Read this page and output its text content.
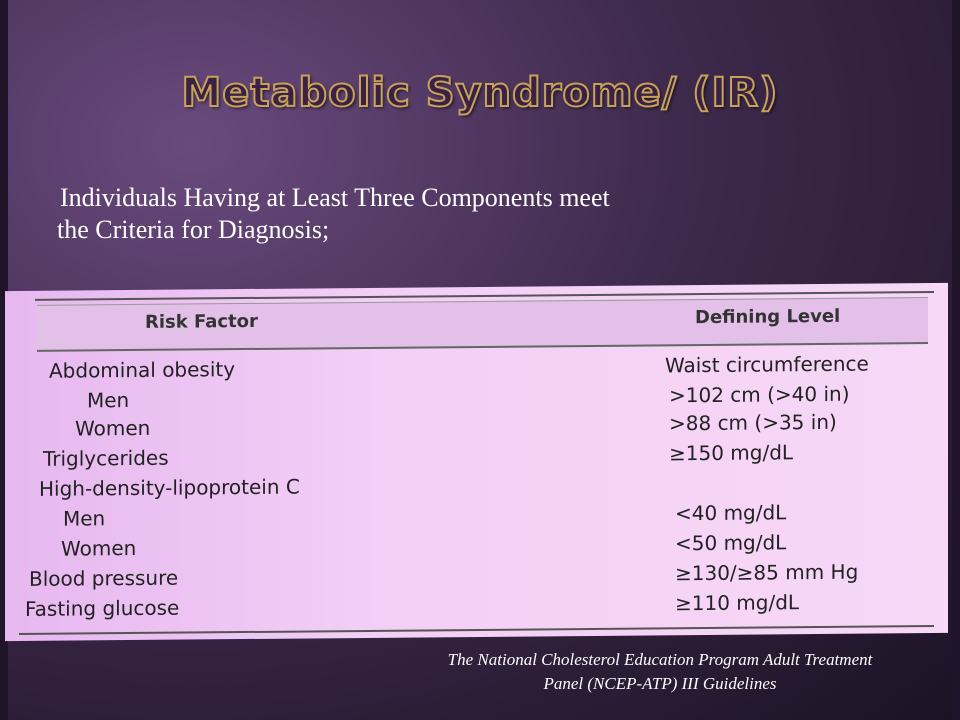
Metabolic Syndrome/ (IR)
Individuals Having at Least Three Components meet

the Criteria for Diagnosis;
Risk Factor	Defining Level
Abdominal obesity	Waist circumference
Men	>102 cm (>40 in)
Women	>88 cm (>35 in)
Triglycerides	≥150 mg/dL
High-density-lipoprotein C
Men	<40 mg/dL
Women	<50 mg/dL
Blood pressure	≥130/≥85 mm Hg
Fasting glucose	≥110 mg/dL
The National Cholesterol Education Program Adult Treatment
Panel (NCEP-ATP) III Guidelines
